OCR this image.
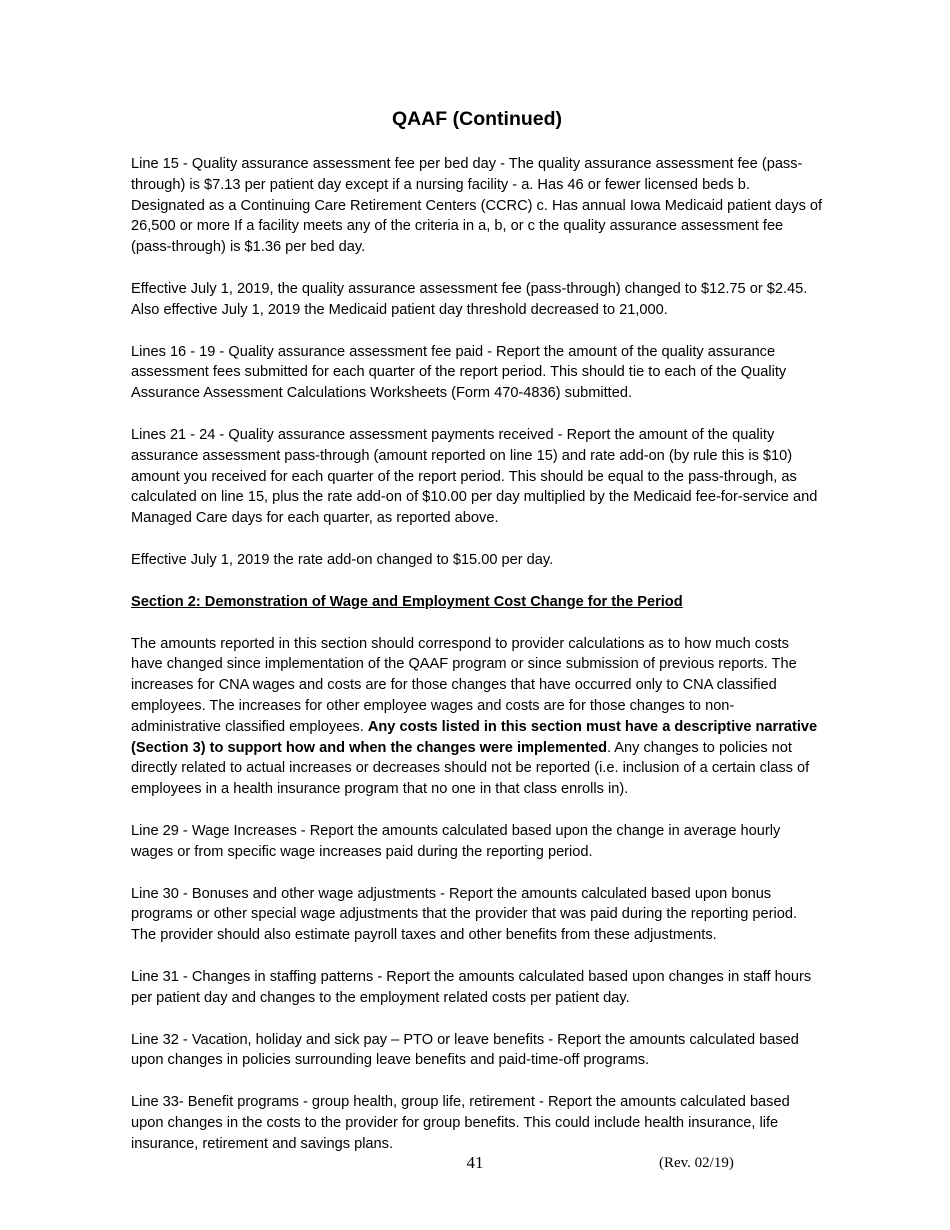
QAAF (Continued)

Line 15 - Quality assurance assessment fee per bed day - The quality assurance assessment fee (pass-through) is $7.13 per patient day except if a nursing facility - a. Has 46 or fewer licensed beds b. Designated as a Continuing Care Retirement Centers (CCRC) c. Has annual Iowa Medicaid patient days of 26,500 or more If a facility meets any of the criteria in a, b, or c the quality assurance assessment fee (pass-through) is $1.36 per bed day.

Effective July 1, 2019, the quality assurance assessment fee (pass-through) changed to $12.75 or $2.45. Also effective July 1, 2019 the Medicaid patient day threshold decreased to 21,000.

Lines 16 - 19 - Quality assurance assessment fee paid - Report the amount of the quality assurance assessment fees submitted for each quarter of the report period. This should tie to each of the Quality Assurance Assessment Calculations Worksheets (Form 470-4836) submitted.

Lines 21 - 24 - Quality assurance assessment payments received - Report the amount of the quality assurance assessment pass-through (amount reported on line 15) and rate add-on (by rule this is $10) amount you received for each quarter of the report period. This should be equal to the pass-through, as calculated on line 15, plus the rate add-on of $10.00 per day multiplied by the Medicaid fee-for-service and Managed Care days for each quarter, as reported above.

Effective July 1, 2019 the rate add-on changed to $15.00 per day.

Section 2: Demonstration of Wage and Employment Cost Change for the Period

The amounts reported in this section should correspond to provider calculations as to how much costs have changed since implementation of the QAAF program or since submission of previous reports. The increases for CNA wages and costs are for those changes that have occurred only to CNA classified employees. The increases for other employee wages and costs are for those changes to non-administrative classified employees. Any costs listed in this section must have a descriptive narrative (Section 3) to support how and when the changes were implemented. Any changes to policies not directly related to actual increases or decreases should not be reported (i.e. inclusion of a certain class of employees in a health insurance program that no one in that class enrolls in).

Line 29 - Wage Increases - Report the amounts calculated based upon the change in average hourly wages or from specific wage increases paid during the reporting period.

Line 30 - Bonuses and other wage adjustments - Report the amounts calculated based upon bonus programs or other special wage adjustments that the provider that was paid during the reporting period. The provider should also estimate payroll taxes and other benefits from these adjustments.

Line 31 - Changes in staffing patterns - Report the amounts calculated based upon changes in staff hours per patient day and changes to the employment related costs per patient day.

Line 32 - Vacation, holiday and sick pay – PTO or leave benefits - Report the amounts calculated based upon changes in policies surrounding leave benefits and paid-time-off programs.

Line 33- Benefit programs - group health, group life, retirement - Report the amounts calculated based upon changes in the costs to the provider for group benefits. This could include health insurance, life insurance, retirement and savings plans.

41	(Rev. 02/19)
